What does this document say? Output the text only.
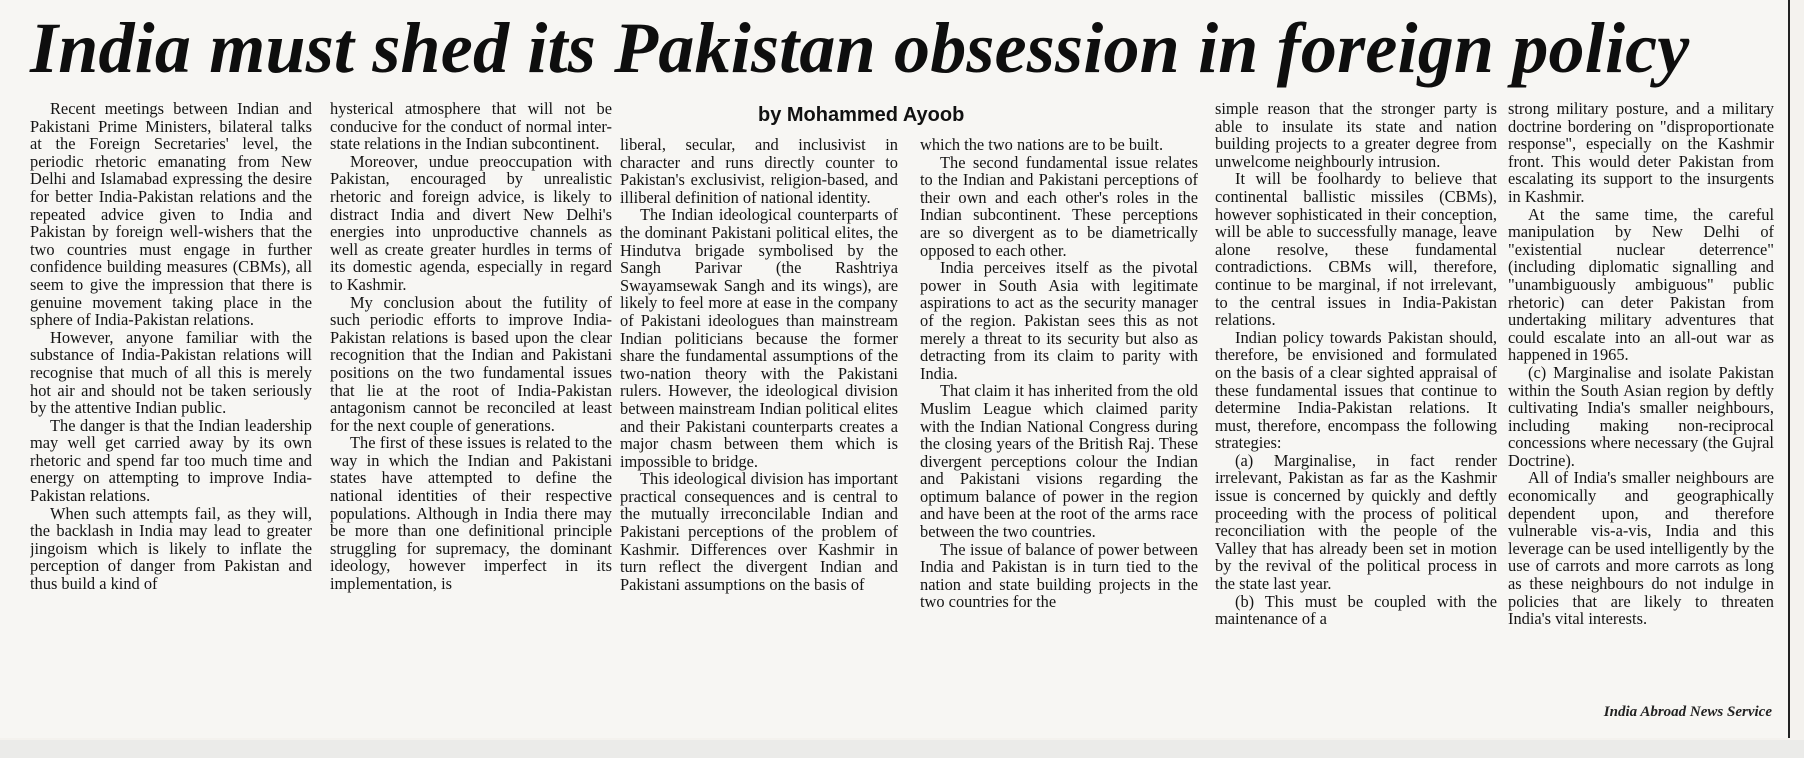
India must shed its Pakistan obsession in foreign policy
by Mohammed Ayoob

Recent meetings between Indian and Pakistani Prime Ministers, bilateral talks at the Foreign Secretaries' level, the periodic rhetoric emanating from New Delhi and Islamabad expressing the desire for better India-Pakistan relations and the repeated advice given to India and Pakistan by foreign well-wishers that the two countries must engage in further confidence building measures (CBMs), all seem to give the impression that there is genuine movement taking place in the sphere of India-Pakistan relations.

However, anyone familiar with the substance of India-Pakistan relations will recognise that much of all this is merely hot air and should not be taken seriously by the attentive Indian public.

The danger is that the Indian leadership may well get carried away by its own rhetoric and spend far too much time and energy on attempting to improve India-Pakistan relations.

When such attempts fail, as they will, the backlash in India may lead to greater jingoism which is likely to inflate the perception of danger from Pakistan and thus build a kind of

hysterical atmosphere that will not be conducive for the conduct of normal inter-state relations in the Indian subcontinent.

Moreover, undue preoccupation with Pakistan, encouraged by unrealistic rhetoric and foreign advice, is likely to distract India and divert New Delhi's energies into unproductive channels as well as create greater hurdles in terms of its domestic agenda, especially in regard to Kashmir.

My conclusion about the futility of such periodic efforts to improve India-Pakistan relations is based upon the clear recognition that the Indian and Pakistani positions on the two fundamental issues that lie at the root of India-Pakistan antagonism cannot be reconciled at least for the next couple of generations.

The first of these issues is related to the way in which the Indian and Pakistani states have attempted to define the national identities of their respective populations. Although in India there may be more than one definitional principle struggling for supremacy, the dominant ideology, however imperfect in its implementation, is

liberal, secular, and inclusivist in character and runs directly counter to Pakistan's exclusivist, religion-based, and illiberal definition of national identity.

The Indian ideological counterparts of the dominant Pakistani political elites, the Hindutva brigade symbolised by the Sangh Parivar (the Rashtriya Swayamsewak Sangh and its wings), are likely to feel more at ease in the company of Pakistani ideologues than mainstream Indian politicians because the former share the fundamental assumptions of the two-nation theory with the Pakistani rulers. However, the ideological division between mainstream Indian political elites and their Pakistani counterparts creates a major chasm between them which is impossible to bridge.

This ideological division has important practical consequences and is central to the mutually irreconcilable Indian and Pakistani perceptions of the problem of Kashmir. Differences over Kashmir in turn reflect the divergent Indian and Pakistani assumptions on the basis of

which the two nations are to be built.

The second fundamental issue relates to the Indian and Pakistani perceptions of their own and each other's roles in the Indian subcontinent. These perceptions are so divergent as to be diametrically opposed to each other.

India perceives itself as the pivotal power in South Asia with legitimate aspirations to act as the security manager of the region. Pakistan sees this as not merely a threat to its security but also as detracting from its claim to parity with India.

That claim it has inherited from the old Muslim League which claimed parity with the Indian National Congress during the closing years of the British Raj. These divergent perceptions colour the Indian and Pakistani visions regarding the optimum balance of power in the region and have been at the root of the arms race between the two countries.

The issue of balance of power between India and Pakistan is in turn tied to the nation and state building projects in the two countries for the

simple reason that the stronger party is able to insulate its state and nation building projects to a greater degree from unwelcome neighbourly intrusion.

It will be foolhardy to believe that continental ballistic missiles (CBMs), however sophisticated in their conception, will be able to successfully manage, leave alone resolve, these fundamental contradictions. CBMs will, therefore, continue to be marginal, if not irrelevant, to the central issues in India-Pakistan relations.

Indian policy towards Pakistan should, therefore, be envisioned and formulated on the basis of a clear sighted appraisal of these fundamental issues that continue to determine India-Pakistan relations. It must, therefore, encompass the following strategies:

(a) Marginalise, in fact render irrelevant, Pakistan as far as the Kashmir issue is concerned by quickly and deftly proceeding with the process of political reconciliation with the people of the Valley that has already been set in motion by the revival of the political process in the state last year.

(b) This must be coupled with the maintenance of a

strong military posture, and a military doctrine bordering on "disproportionate response", especially on the Kashmir front. This would deter Pakistan from escalating its support to the insurgents in Kashmir.

At the same time, the careful manipulation by New Delhi of "existential nuclear deterrence" (including diplomatic signalling and "unambiguously ambiguous" public rhetoric) can deter Pakistan from undertaking military adventures that could escalate into an all-out war as happened in 1965.

(c) Marginalise and isolate Pakistan within the South Asian region by deftly cultivating India's smaller neighbours, including making non-reciprocal concessions where necessary (the Gujral Doctrine).

All of India's smaller neighbours are economically and geographically dependent upon, and therefore vulnerable vis-a-vis, India and this leverage can be used intelligently by the use of carrots and more carrots as long as these neighbours do not indulge in policies that are likely to threaten India's vital interests.

India Abroad News Service
